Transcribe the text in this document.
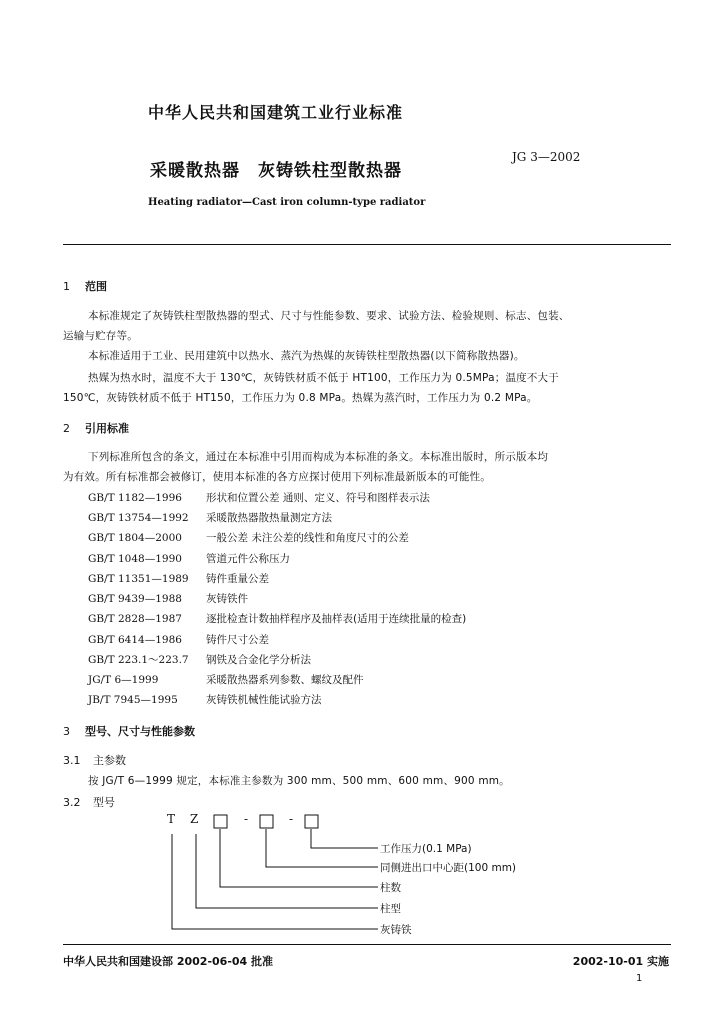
中华人民共和国建筑工业行业标准
JG 3—2002
采暖散热器 灰铸铁柱型散热器
Heating radiator—Cast iron column-type radiator
1 范围
本标准规定了灰铸铁柱型散热器的型式、尺寸与性能参数、要求、试验方法、检验规则、标志、包装、
运输与贮存等。
本标准适用于工业、民用建筑中以热水、蒸汽为热媒的灰铸铁柱型散热器(以下简称散热器)。
热媒为热水时，温度不大于 130℃，灰铸铁材质不低于 HT100，工作压力为 0.5MPa；温度不大于
150℃，灰铸铁材质不低于 HT150，工作压力为 0.8 MPa。热媒为蒸汽时，工作压力为 0.2 MPa。
2 引用标准
下列标准所包含的条文，通过在本标准中引用而构成为本标准的条文。本标准出版时，所示版本均
为有效。所有标准都会被修订，使用本标准的各方应探讨使用下列标准最新版本的可能性。
GB/T 1182—1996 形状和位置公差 通则、定义、符号和图样表示法
GB/T 13754—1992 采暖散热器散热量测定方法
GB/T 1804—2000 一般公差 未注公差的线性和角度尺寸的公差
GB/T 1048—1990 管道元件公称压力
GB/T 11351—1989 铸件重量公差
GB/T 9439—1988 灰铸铁件
GB/T 2828—1987 逐批检查计数抽样程序及抽样表(适用于连续批量的检查)
GB/T 6414—1986 铸件尺寸公差
GB/T 223.1～223.7 钢铁及合金化学分析法
JG/T 6—1999	采暖散热器系列参数、螺纹及配件
JB/T 7945—1995	灰铸铁机械性能试验方法
3 型号、尺寸与性能参数
3.1 主参数
按 JG/T 6—1999 规定，本标准主参数为 300 mm、500 mm、600 mm、900 mm。
3.2 型号
T Z	-	-
工作压力(0.1 MPa)
同侧进出口中心距(100 mm)
柱数
柱型
灰铸铁
中华人民共和国建设部 2002-06-04 批准	2002-10-01 实施
1
